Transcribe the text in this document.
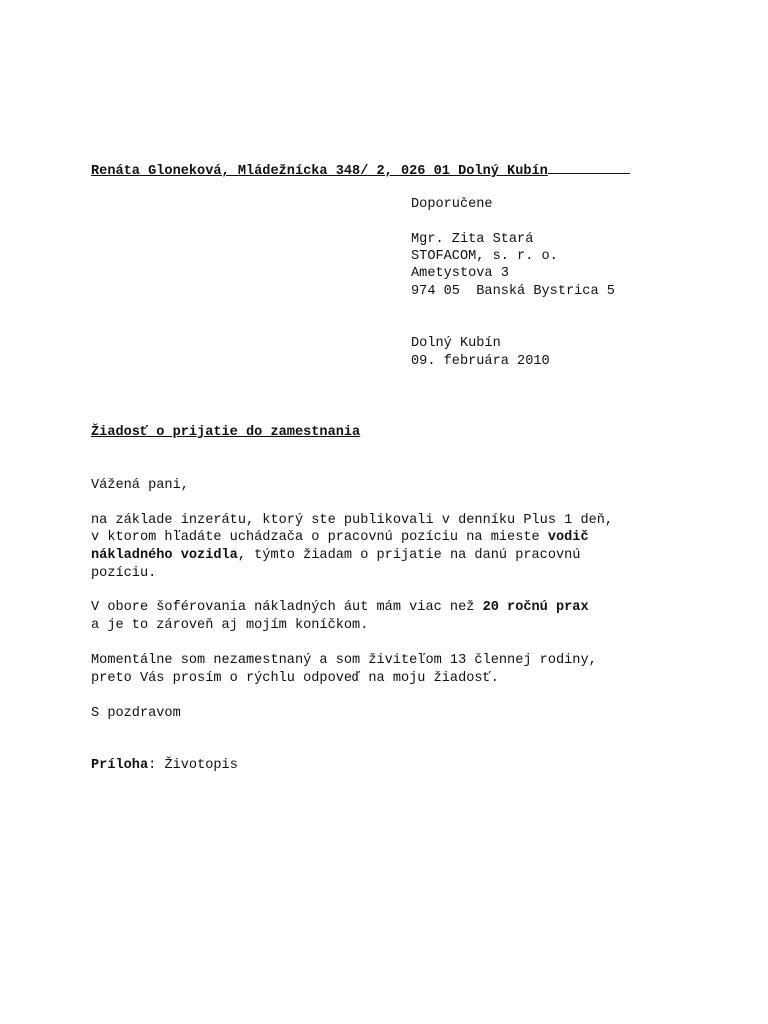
Renáta Gloneková, Mládežnícka 348/ 2, 026 01 Dolný Kubín
Doporučene
Mgr. Zita Stará
STOFACOM, s. r. o.
Ametystova 3
974 05  Banská Bystrica 5
Dolný Kubín
09. februára 2010
Žiadosť o prijatie do zamestnania
Vážená pani,
na základe inzerátu, ktorý ste publikovali v denníku Plus 1 deň,
v ktorom hľadáte uchádzača o pracovnú pozíciu na mieste vodič
nákladného vozidla, týmto žiadam o prijatie na danú pracovnú
pozíciu.
V obore šoférovania nákladných áut mám viac než 20 ročnú prax
a je to zároveň aj mojím koníčkom.
Momentálne som nezamestnaný a som živiteľom 13 člennej rodiny,
preto Vás prosím o rýchlu odpoveď na moju žiadosť.
S pozdravom
Príloha: Životopis
